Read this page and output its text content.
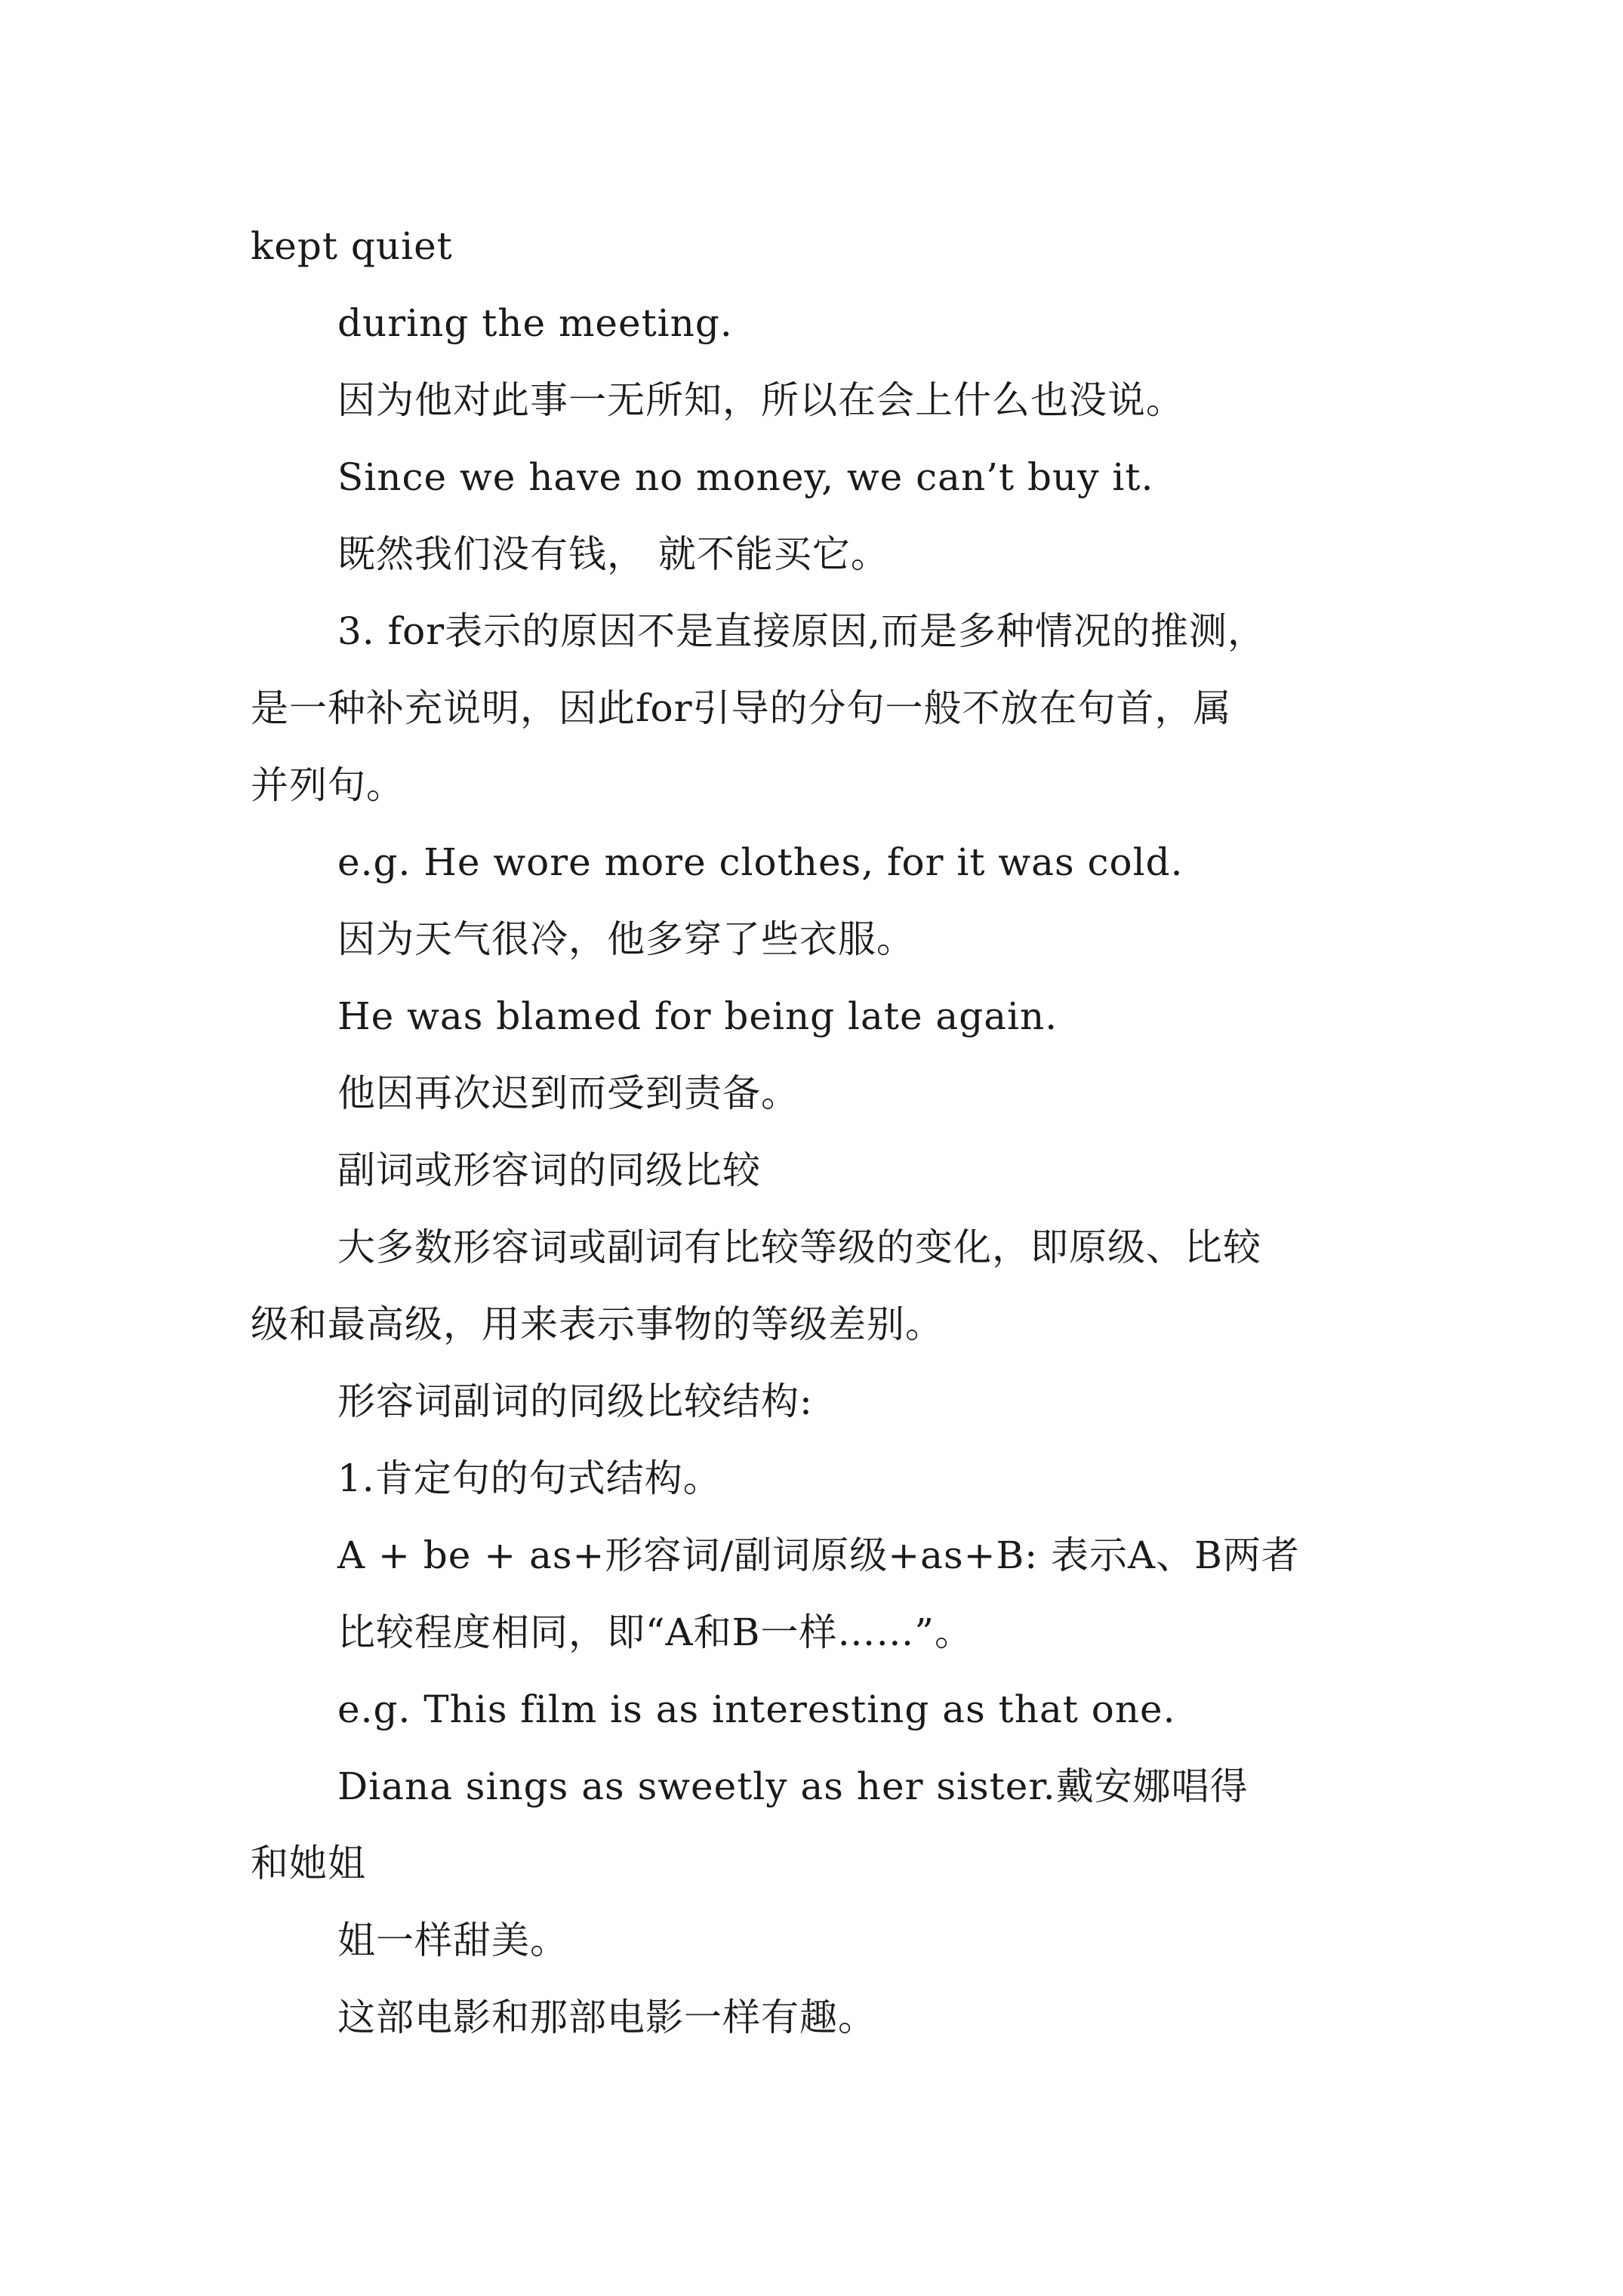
kept quiet
during the meeting.
因为他对此事一无所知，所以在会上什么也没说。
Since we have no money, we can’t buy it.
既然我们没有钱， 就不能买它。
3. for表示的原因不是直接原因,而是多种情况的推测，
是一种补充说明，因此for引导的分句一般不放在句首，属
并列句。
e.g. He wore more clothes, for it was cold.
因为天气很冷，他多穿了些衣服。
He was blamed for being late again.
他因再次迟到而受到责备。
副词或形容词的同级比较
大多数形容词或副词有比较等级的变化，即原级、比较
级和最高级，用来表示事物的等级差别。
形容词副词的同级比较结构:
1.肯定句的句式结构。
A + be + as+形容词/副词原级+as+B: 表示A、B两者
比较程度相同，即“A和B一样……”。
e.g. This film is as interesting as that one.
Diana sings as sweetly as her sister.戴安娜唱得
和她姐
姐一样甜美。
这部电影和那部电影一样有趣。
